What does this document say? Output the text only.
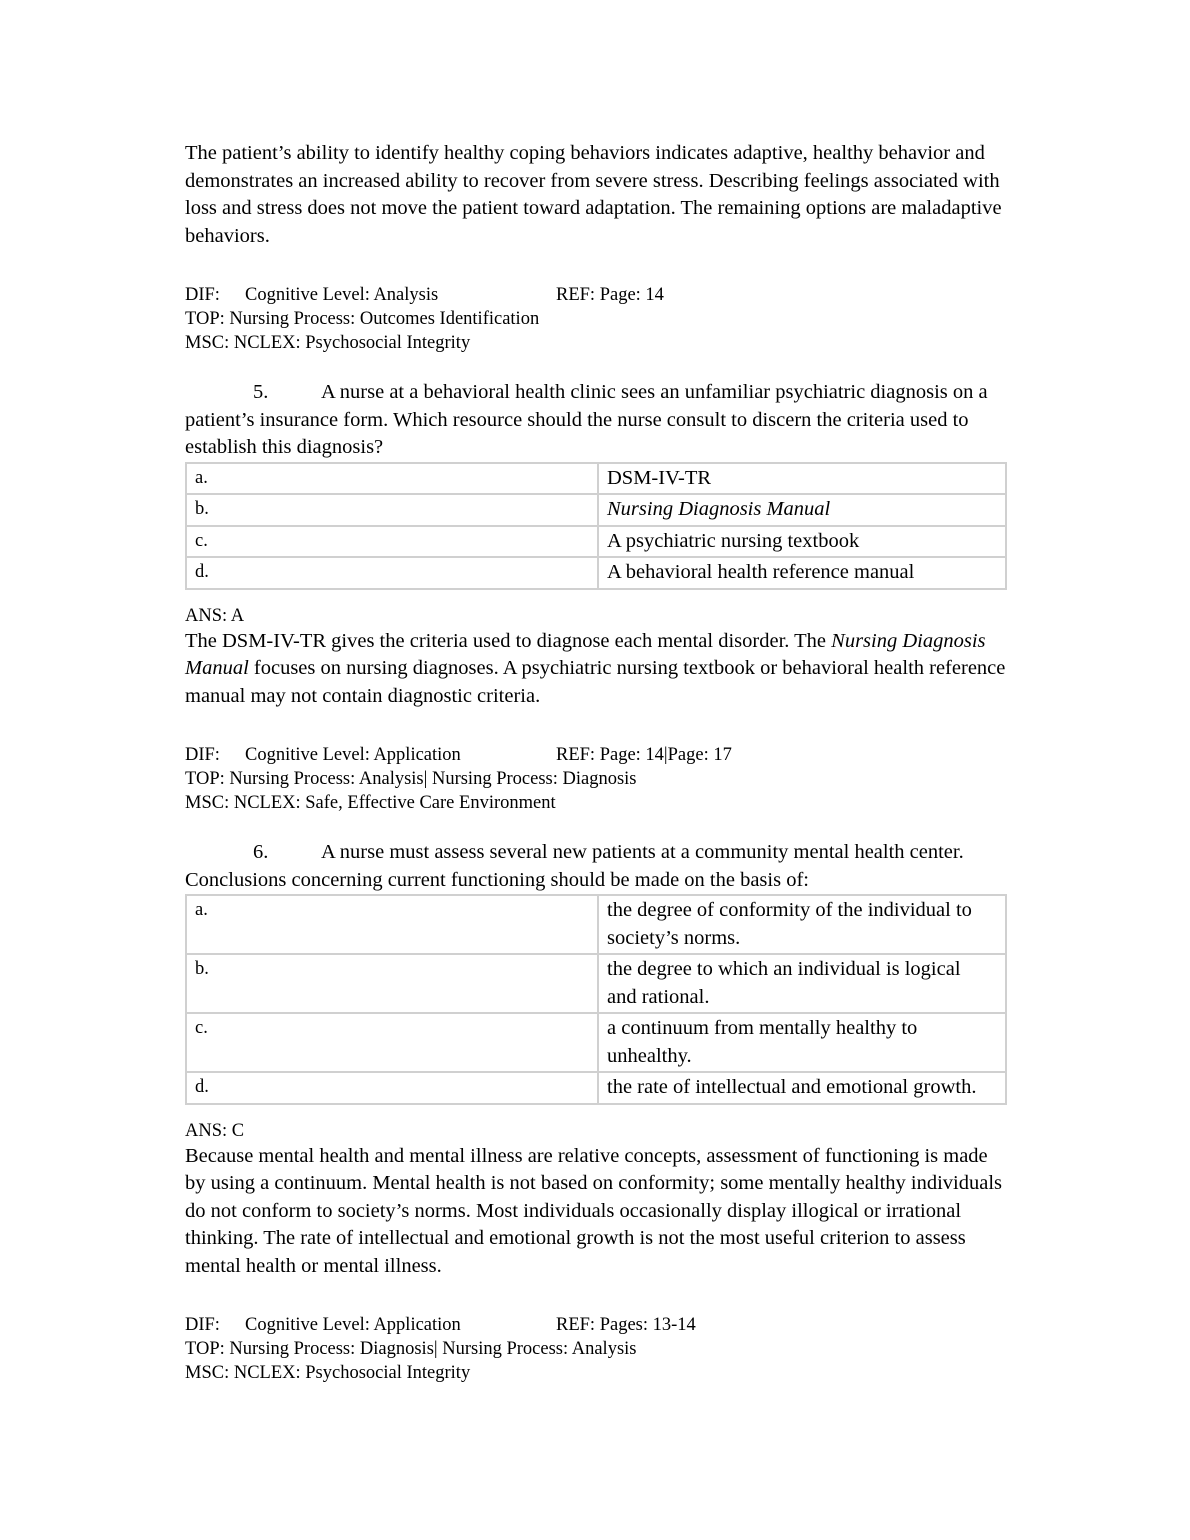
The patient’s ability to identify healthy coping behaviors indicates adaptive, healthy behavior and demonstrates an increased ability to recover from severe stress. Describing feelings associated with loss and stress does not move the patient toward adaptation. The remaining options are maladaptive behaviors.

DIF: Cognitive Level: Analysis	REF: Page: 14

TOP: Nursing Process: Outcomes Identification

MSC: NCLEX: Psychosocial Integrity

5.	A nurse at a behavioral health clinic sees an unfamiliar psychiatric diagnosis on a patient’s insurance form. Which resource should the nurse consult to discern the criteria used to establish this diagnosis?

a.	DSM-IV-TR
b.	Nursing Diagnosis Manual
c.	A psychiatric nursing textbook
d.	A behavioral health reference manual

ANS: A

The DSM-IV-TR gives the criteria used to diagnose each mental disorder. The Nursing Diagnosis Manual focuses on nursing diagnoses. A psychiatric nursing textbook or behavioral health reference manual may not contain diagnostic criteria.

DIF: Cognitive Level: Application	REF: Page: 14|Page: 17

TOP: Nursing Process: Analysis| Nursing Process: Diagnosis

MSC: NCLEX: Safe, Effective Care Environment

6.	A nurse must assess several new patients at a community mental health center. Conclusions concerning current functioning should be made on the basis of:

a.	the degree of conformity of the individual to society’s norms.
b.	the degree to which an individual is logical and rational.
c.	a continuum from mentally healthy to unhealthy.
d.	the rate of intellectual and emotional growth.

ANS: C

Because mental health and mental illness are relative concepts, assessment of functioning is made by using a continuum. Mental health is not based on conformity; some mentally healthy individuals do not conform to society’s norms. Most individuals occasionally display illogical or irrational thinking. The rate of intellectual and emotional growth is not the most useful criterion to assess mental health or mental illness.

DIF: Cognitive Level: Application	REF: Pages: 13-14

TOP: Nursing Process: Diagnosis| Nursing Process: Analysis

MSC: NCLEX: Psychosocial Integrity
